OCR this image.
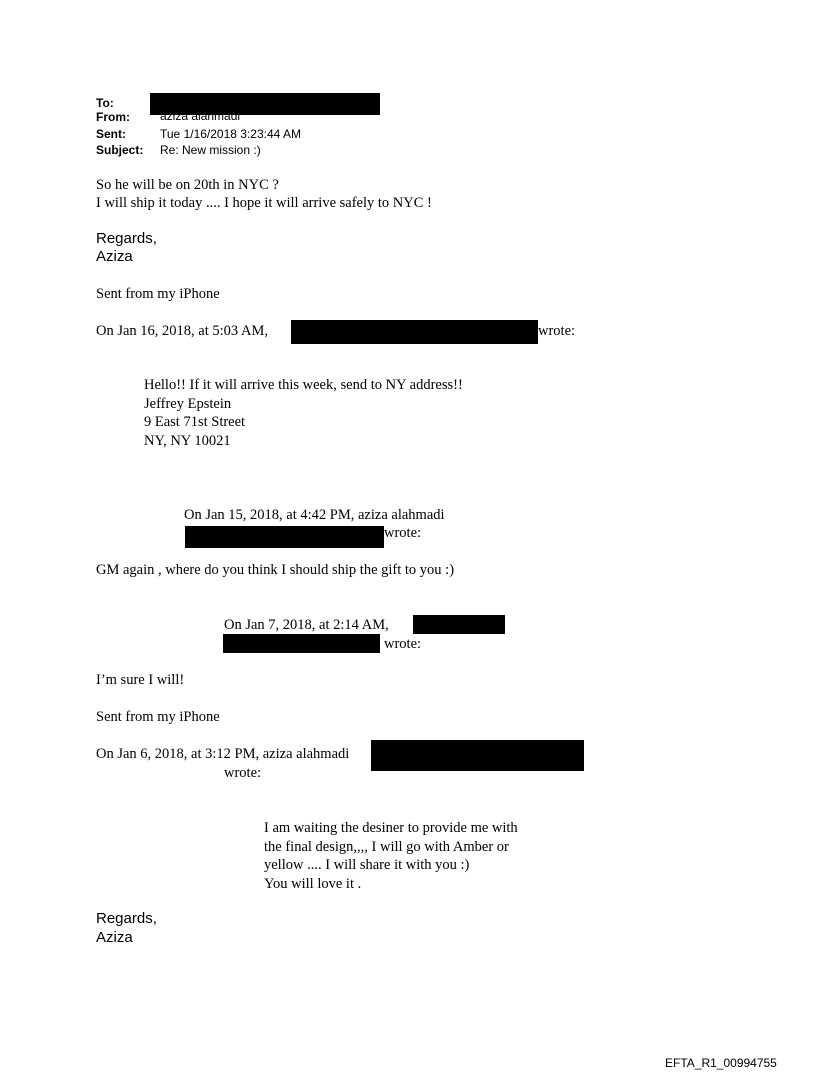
To:
From:	aziza alahmadi
Sent:	Tue 1/16/2018 3:23:44 AM
Subject: Re: New mission :)
So he will be on 20th in NYC ?
I will ship it today .... I hope it will arrive safely to NYC !
Regards,
Aziza
Sent from my iPhone
On Jan 16, 2018, at 5:03 AM,	wrote:
Hello!! If it will arrive this week, send to NY address!!
Jeffrey Epstein
9 East 71st Street
NY, NY 10021
On Jan 15, 2018, at 4:42 PM, aziza alahmadi
wrote:
GM again , where do you think I should ship the gift to you :)
On Jan 7, 2018, at 2:14 AM,
wrote:
I’m sure I will!
Sent from my iPhone
On Jan 6, 2018, at 3:12 PM, aziza alahmadi
wrote:
I am waiting the desiner to provide me with
the final design,,,, I will go with Amber or
yellow .... I will share it with you :)
You will love it .
Regards,
Aziza
EFTA_R1_00994755
